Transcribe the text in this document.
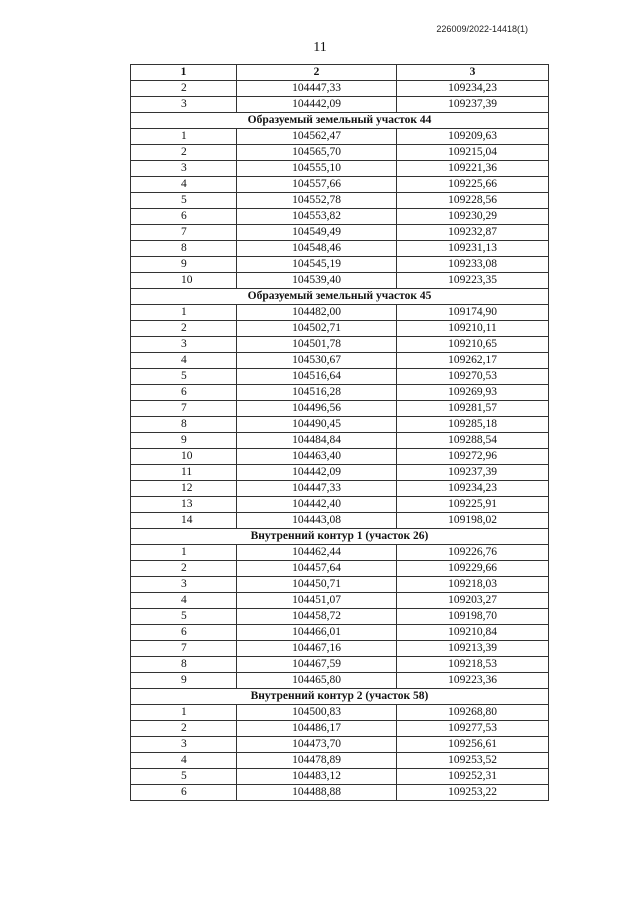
226009/2022-14418(1)
11
1	2	3
2	104447,33	109234,23
3	104442,09	109237,39
Образуемый земельный участок 44		
1	104562,47	109209,63
2	104565,70	109215,04
3	104555,10	109221,36
4	104557,66	109225,66
5	104552,78	109228,56
6	104553,82	109230,29
7	104549,49	109232,87
8	104548,46	109231,13
9	104545,19	109233,08
10	104539,40	109223,35
Образуемый земельный участок 45		
1	104482,00	109174,90
2	104502,71	109210,11
3	104501,78	109210,65
4	104530,67	109262,17
5	104516,64	109270,53
6	104516,28	109269,93
7	104496,56	109281,57
8	104490,45	109285,18
9	104484,84	109288,54
10	104463,40	109272,96
11	104442,09	109237,39
12	104447,33	109234,23
13	104442,40	109225,91
14	104443,08	109198,02
Внутренний контур 1 (участок 26)		
1	104462,44	109226,76
2	104457,64	109229,66
3	104450,71	109218,03
4	104451,07	109203,27
5	104458,72	109198,70
6	104466,01	109210,84
7	104467,16	109213,39
8	104467,59	109218,53
9	104465,80	109223,36
Внутренний контур 2 (участок 58)		
1	104500,83	109268,80
2	104486,17	109277,53
3	104473,70	109256,61
4	104478,89	109253,52
5	104483,12	109252,31
6	104488,88	109253,22
